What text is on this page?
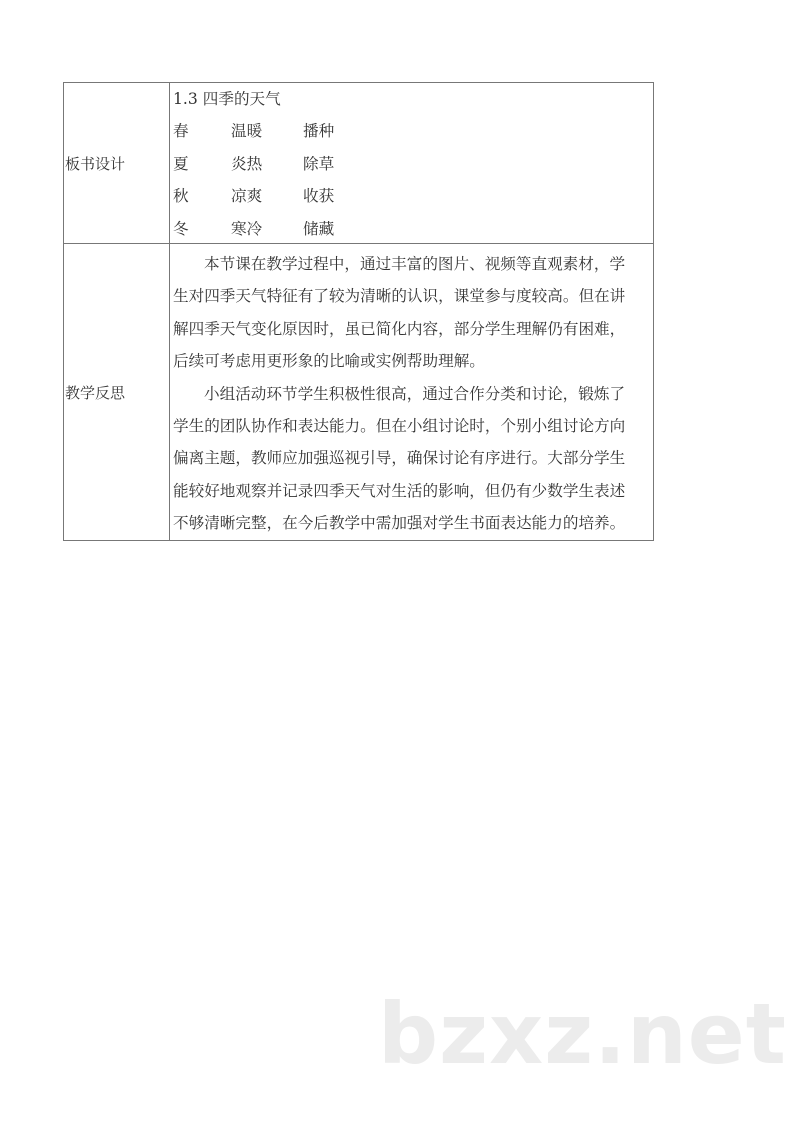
板书设计
1.3 四季的天气
春	温暖	播种
夏	炎热	除草
秋	凉爽	收获
冬	寒冷	储藏
教学反思
本节课在教学过程中，通过丰富的图片、视频等直观素材，学
生对四季天气特征有了较为清晰的认识，课堂参与度较高。但在讲
解四季天气变化原因时，虽已简化内容，部分学生理解仍有困难，
后续可考虑用更形象的比喻或实例帮助理解。
小组活动环节学生积极性很高，通过合作分类和讨论，锻炼了
学生的团队协作和表达能力。但在小组讨论时，个别小组讨论方向
偏离主题，教师应加强巡视引导，确保讨论有序进行。大部分学生
能较好地观察并记录四季天气对生活的影响，但仍有少数学生表述
不够清晰完整，在今后教学中需加强对学生书面表达能力的培养。
bzxz.net
